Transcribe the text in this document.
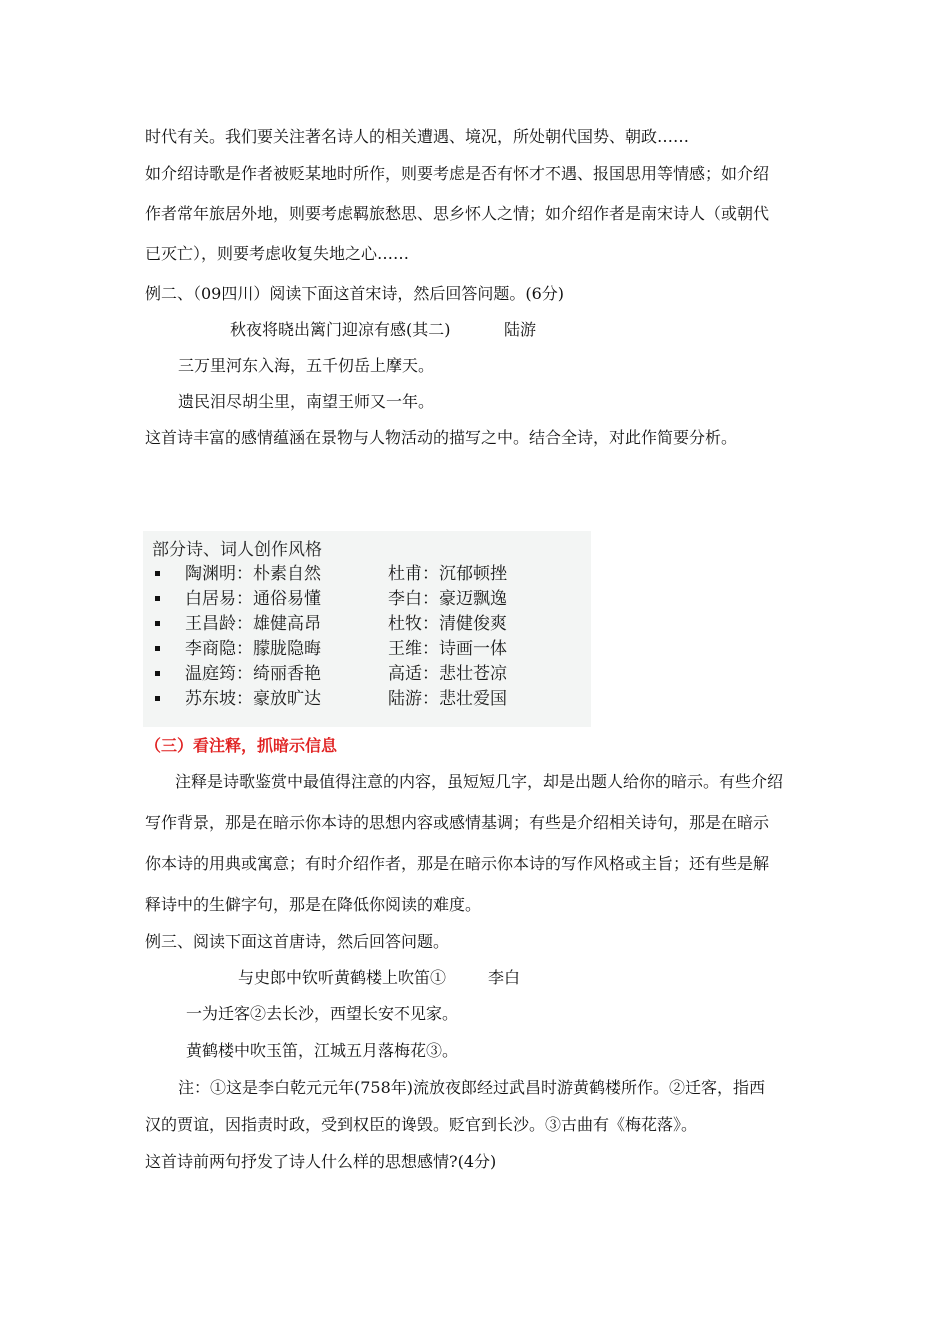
时代有关。我们要关注著名诗人的相关遭遇、境况，所处朝代国势、朝政……
如介绍诗歌是作者被贬某地时所作，则要考虑是否有怀才不遇、报国思用等情感；如介绍
作者常年旅居外地，则要考虑羁旅愁思、思乡怀人之情；如介绍作者是南宋诗人（或朝代
已灭亡），则要考虑收复失地之心……
例二、（09四川）阅读下面这首宋诗，然后回答问题。(6分)
秋夜将晓出篱门迎凉有感(其二)	陆游
三万里河东入海，五千仞岳上摩天。
遗民泪尽胡尘里，南望王师又一年。
这首诗丰富的感情蕴涵在景物与人物活动的描写之中。结合全诗，对此作简要分析。
部分诗、词人创作风格
陶渊明：朴素自然	杜甫：沉郁顿挫
白居易：通俗易懂	李白：豪迈飘逸
王昌龄：雄健高昂	杜牧：清健俊爽
李商隐：朦胧隐晦	王维：诗画一体
温庭筠：绮丽香艳	高适：悲壮苍凉
苏东坡：豪放旷达	陆游：悲壮爱国
（三）看注释，抓暗示信息
注释是诗歌鉴赏中最值得注意的内容，虽短短几字，却是出题人给你的暗示。有些介绍
写作背景，那是在暗示你本诗的思想内容或感情基调；有些是介绍相关诗句，那是在暗示
你本诗的用典或寓意；有时介绍作者，那是在暗示你本诗的写作风格或主旨；还有些是解
释诗中的生僻字句，那是在降低你阅读的难度。
例三、阅读下面这首唐诗，然后回答问题。
与史郎中钦听黄鹤楼上吹笛①	李白
一为迁客②去长沙，西望长安不见家。
黄鹤楼中吹玉笛，江城五月落梅花③。
注：①这是李白乾元元年(758年)流放夜郎经过武昌时游黄鹤楼所作。②迁客，指西
汉的贾谊，因指责时政，受到权臣的谗毁。贬官到长沙。③古曲有《梅花落》。
这首诗前两句抒发了诗人什么样的思想感情?(4分)
